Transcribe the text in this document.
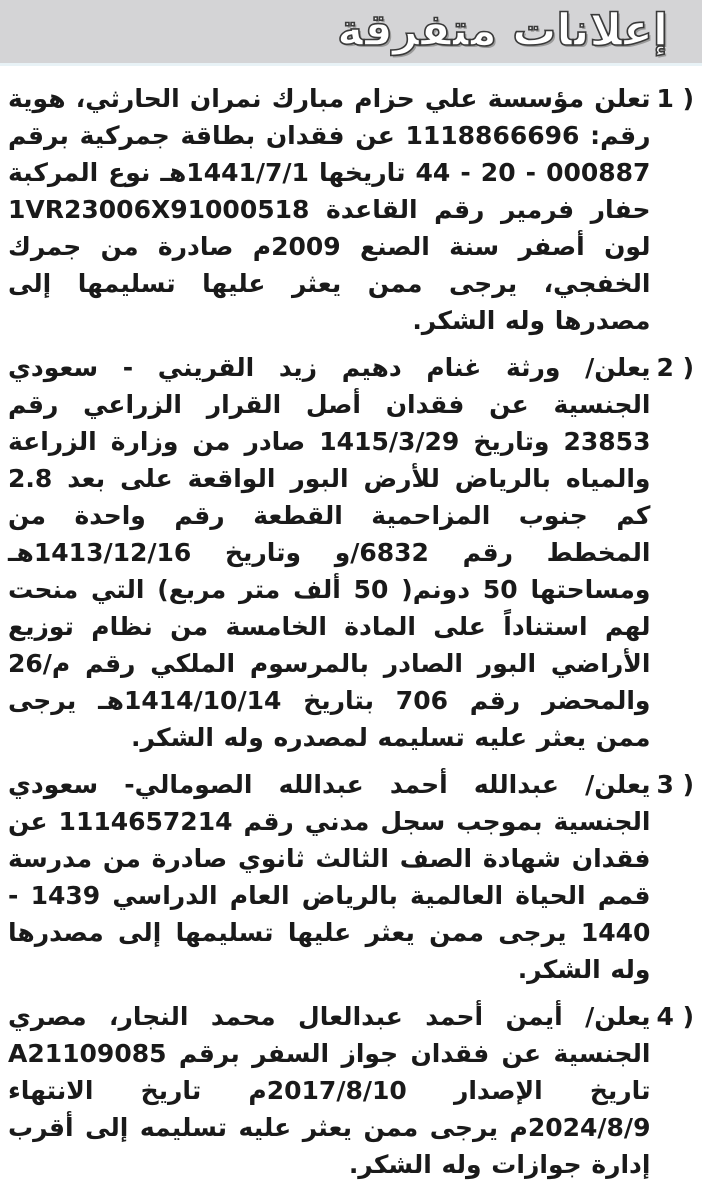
إعلانات متفرقة
1 )
تعلن مؤسسة علي حزام مبارك نمران الحارثي، هوية رقم: 1118866696 عن فقدان بطاقة جمركية برقم 000887 - 20 - 44 تاريخها 1441/7/1هـ نوع المركبة حفار فرمير رقم القاعدة 1VR23006X91000518 لون أصفر سنة الصنع 2009م صادرة من جمرك الخفجي، يرجى ممن يعثر عليها تسليمها إلى مصدرها وله الشكر.
2 )
يعلن/ ورثة غنام دهيم زيد القريني - سعودي الجنسية عن فقدان أصل القرار الزراعي رقم 23853 وتاريخ 1415/3/29 صادر من وزارة الزراعة والمياه بالرياض للأرض البور الواقعة على بعد 2.8 كم جنوب المزاحمية القطعة رقم واحدة من المخطط رقم 6832/و وتاريخ 1413/12/16هـ ومساحتها 50 دونم( 50 ألف متر مربع) التي منحت لهم استناداً على المادة الخامسة من نظام توزيع الأراضي البور الصادر بالمرسوم الملكي رقم م/26 والمحضر رقم 706 بتاريخ 1414/10/14هـ يرجى ممن يعثر عليه تسليمه لمصدره وله الشكر.
3 )
يعلن/ عبدالله أحمد عبدالله الصومالي- سعودي الجنسية بموجب سجل مدني رقم 1114657214 عن فقدان شهادة الصف الثالث ثانوي صادرة من مدرسة قمم الحياة العالمية بالرياض العام الدراسي 1439 - 1440 يرجى ممن يعثر عليها تسليمها إلى مصدرها وله الشكر.
4 )
يعلن/ أيمن أحمد عبدالعال محمد النجار، مصري الجنسية عن فقدان جواز السفر برقم A21109085 تاريخ الإصدار 2017/8/10م تاريخ الانتهاء 2024/8/9م يرجى ممن يعثر عليه تسليمه إلى أقرب إدارة جوازات وله الشكر.
